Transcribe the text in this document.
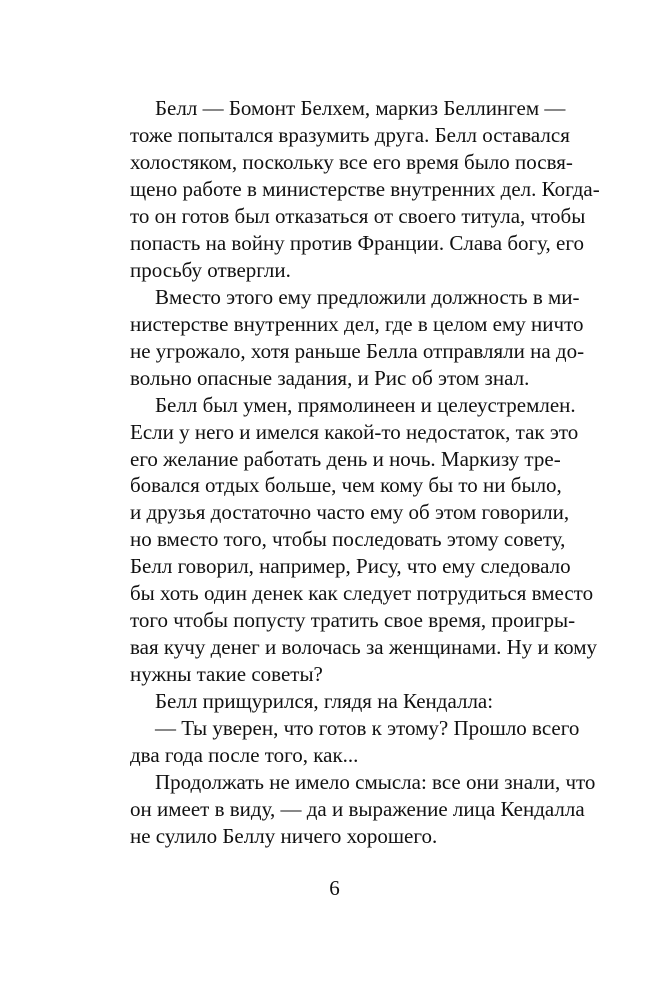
Белл — Бомонт Белхем, маркиз Беллингем —

тоже попытался вразумить друга. Белл оставался

холостяком, поскольку все его время было посвя-

щено работе в министерстве внутренних дел. Когда-

то он готов был отказаться от своего титула, чтобы

попасть на войну против Франции. Слава богу, его

просьбу отвергли.

Вместо этого ему предложили должность в ми-

нистерстве внутренних дел, где в целом ему ничто

не угрожало, хотя раньше Белла отправляли на до-

вольно опасные задания, и Рис об этом знал.

Белл был умен, прямолинеен и целеустремлен.

Если у него и имелся какой-то недостаток, так это

его желание работать день и ночь. Маркизу тре-

бовался отдых больше, чем кому бы то ни было,

и друзья достаточно часто ему об этом говорили,

но вместо того, чтобы последовать этому совету,

Белл говорил, например, Рису, что ему следовало

бы хоть один денек как следует потрудиться вместо

того чтобы попусту тратить свое время, проигры-

вая кучу денег и волочась за женщинами. Ну и кому

нужны такие советы?

Белл прищурился, глядя на Кендалла:

— Ты уверен, что готов к этому? Прошло всего

два года после того, как...

Продолжать не имело смысла: все они знали, что

он имеет в виду, — да и выражение лица Кендалла

не сулило Беллу ничего хорошего.

6
